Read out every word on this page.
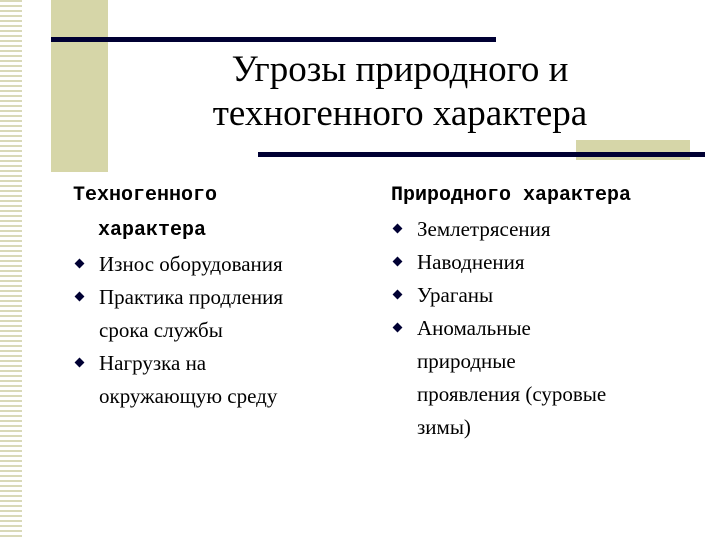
Угрозы природного и
техногенного характера
Техногенного
характера
Износ оборудования
Практика продления
срока службы
Нагрузка на
окружающую среду
Природного характера
Землетрясения
Наводнения
Ураганы
Аномальные
природные
проявления (суровые
зимы)
